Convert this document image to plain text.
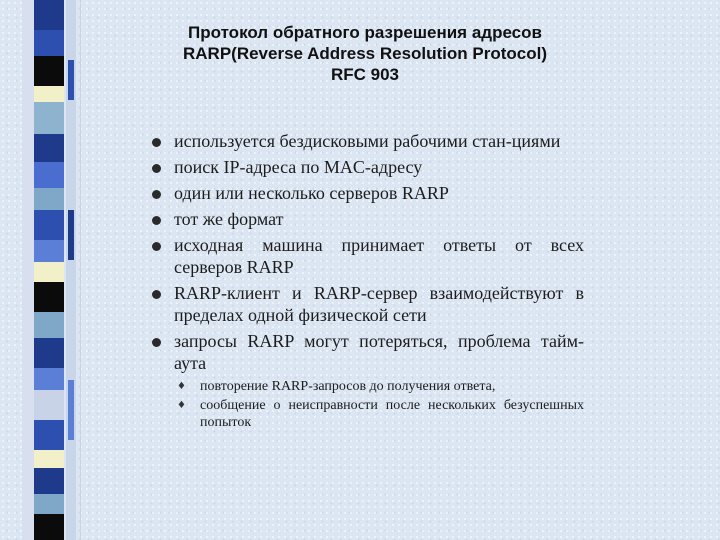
Протокол обратного разрешения адресов
RARP(Reverse Address Resolution Protocol)
RFC 903
используется бездисковыми рабочими стан-циями
поиск IP-адреса по MAC-адресу
один или несколько серверов RARP
тот же формат
исходная машина принимает ответы от всех серверов RARP
RARP-клиент и RARP-сервер взаимодействуют в пределах одной физической сети
запросы RARP могут потеряться, проблема тайм-аута
♦ повторение RARP-запросов до получения ответа,
♦ сообщение о неисправности после нескольких безуспешных попыток
